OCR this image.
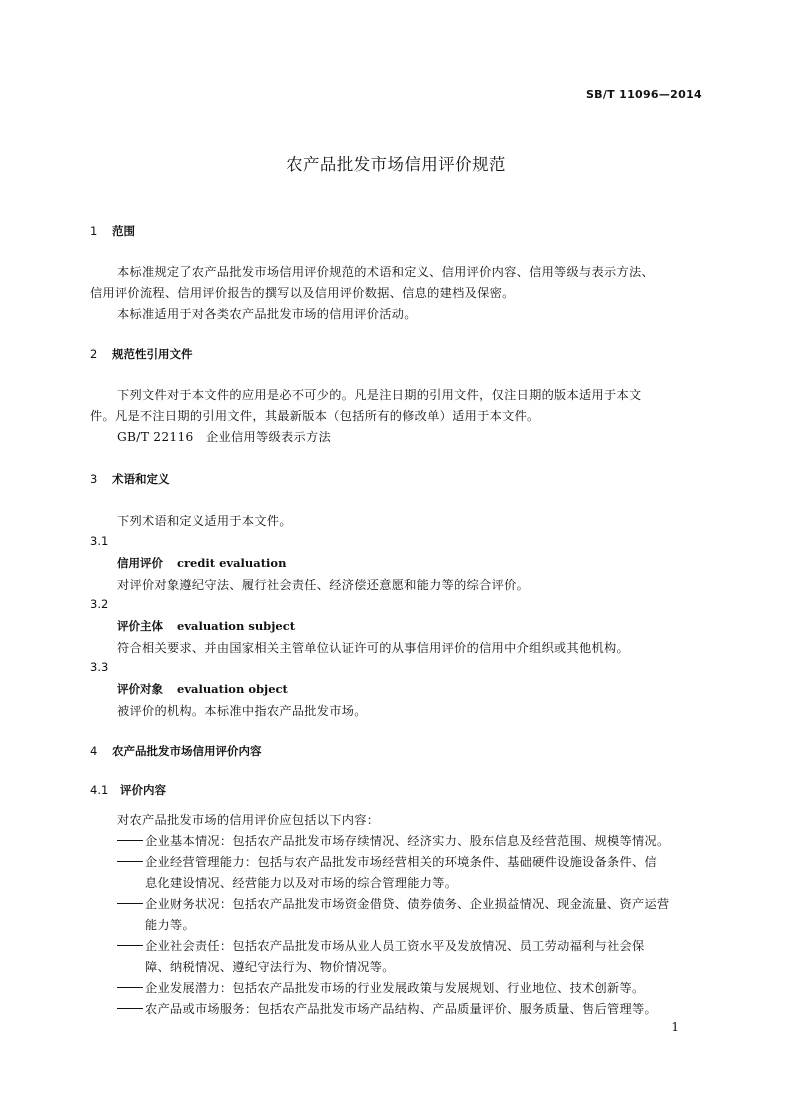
SB/T 11096—2014
农产品批发市场信用评价规范
1 范围
本标准规定了农产品批发市场信用评价规范的术语和定义、信用评价内容、信用等级与表示方法、
信用评价流程、信用评价报告的撰写以及信用评价数据、信息的建档及保密。
本标准适用于对各类农产品批发市场的信用评价活动。
2 规范性引用文件
下列文件对于本文件的应用是必不可少的。凡是注日期的引用文件，仅注日期的版本适用于本文
件。凡是不注日期的引用文件，其最新版本（包括所有的修改单）适用于本文件。
GB/T 22116　企业信用等级表示方法
3 术语和定义
下列术语和定义适用于本文件。
3.1
信用评价 credit evaluation
对评价对象遵纪守法、履行社会责任、经济偿还意愿和能力等的综合评价。
3.2
评价主体 evaluation subject
符合相关要求、并由国家相关主管单位认证许可的从事信用评价的信用中介组织或其他机构。
3.3
评价对象 evaluation object
被评价的机构。本标准中指农产品批发市场。
4 农产品批发市场信用评价内容
4.1 评价内容
对农产品批发市场的信用评价应包括以下内容：
企业基本情况：包括农产品批发市场存续情况、经济实力、股东信息及经营范围、规模等情况。
企业经营管理能力：包括与农产品批发市场经营相关的环境条件、基础硬件设施设备条件、信
息化建设情况、经营能力以及对市场的综合管理能力等。
企业财务状况：包括农产品批发市场资金借贷、债券债务、企业损益情况、现金流量、资产运营
能力等。
企业社会责任：包括农产品批发市场从业人员工资水平及发放情况、员工劳动福利与社会保
障、纳税情况、遵纪守法行为、物价情况等。
企业发展潜力：包括农产品批发市场的行业发展政策与发展规划、行业地位、技术创新等。
农产品或市场服务：包括农产品批发市场产品结构、产品质量评价、服务质量、售后管理等。
1
